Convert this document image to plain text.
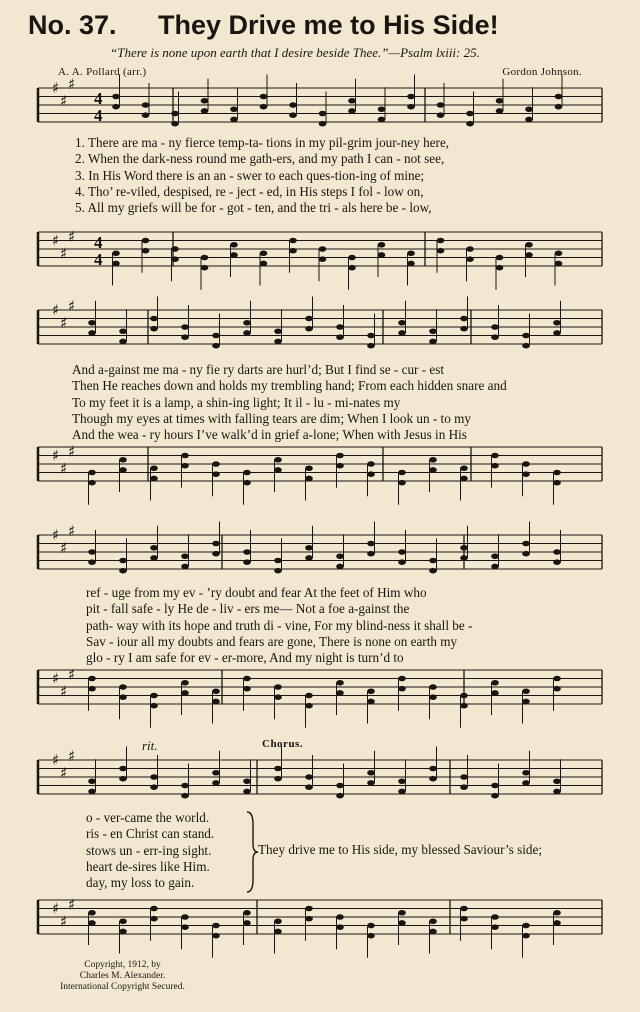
No. 37. They Drive me to His Side!
“There is none upon earth that I desire beside Thee.”—Psalm lxiii: 25.
A. A. Pollard (arr.)	Gordon Johnson.
♯
♯
♯
♯
♯
♯
4
4
4
4
♯
♯
♯
♯
♯
♯
♯
♯
♯
♯
♯
♯
♯
♯
♯
♯
♯
♯
1. There are ma - ny fierce temp-ta- tions in my pil-grim jour-ney here,
2. When the dark-ness round me gath-ers, and my path I can - not see,
3. In His Word there is an an - swer to each ques-tion-ing of mine;
4. Tho’ re-viled, despised, re - ject - ed, in His steps I fol - low on,
5. All my griefs will be for - got - ten, and the tri - als here be - low,
And a-gainst me ma - ny fie ry darts are hurl’d; But I find se - cur - est
Then He reaches down and holds my trembling hand; From each hidden snare and
To my feet it is a lamp, a shin-ing light; It il - lu - mi-nates my
Though my eyes at times with falling tears are dim; When I look un - to my
And the wea - ry hours I’ve walk’d in grief a-lone; When with Jesus in His
ref - uge from my ev - ’ry doubt and fear At the feet of Him who
pit - fall safe - ly He de - liv - ers me— Not a foe a-gainst the
path- way with its hope and truth di - vine, For my blind-ness it shall be -
Sav - iour all my doubts and fears are gone, There is none on earth my
glo - ry I am safe for ev - er-more, And my night is turn’d to
o - ver-came the world.
ris - en Christ can stand.
stows un - err-ing sight.
heart de-sires like Him.
day, my loss to gain.
rit.	Chorus.
They drive me to His side, my blessed Saviour’s side;
Copyright, 1912, by
Charles M. Alexander.
International Copyright Secured.
